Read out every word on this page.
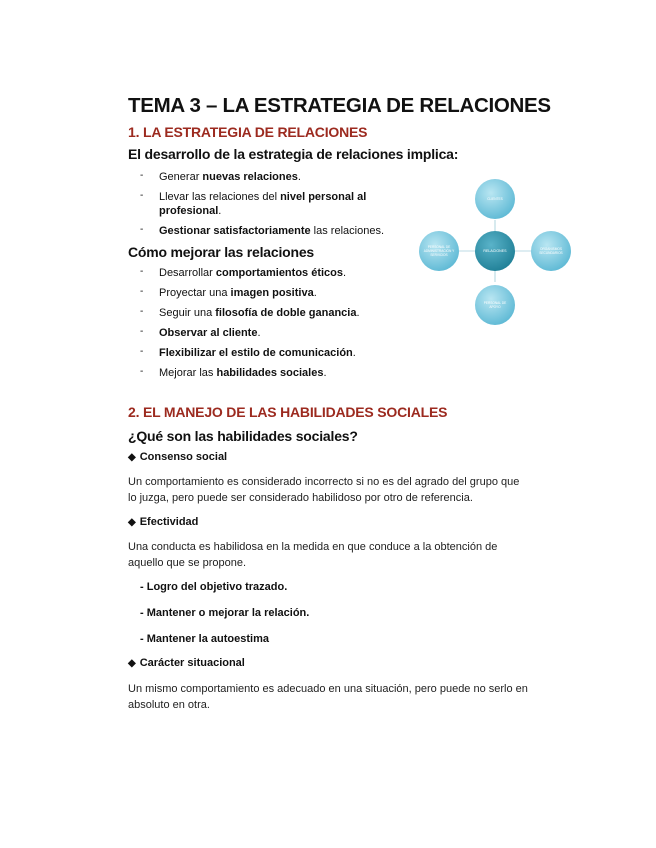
TEMA 3 – LA ESTRATEGIA DE RELACIONES
1. LA ESTRATEGIA DE RELACIONES
El desarrollo de la estrategia de relaciones implica:
- Generar nuevas relaciones.
- Llevar las relaciones del nivel personal al profesional.
- Gestionar satisfactoriamente las relaciones.
Cómo mejorar las relaciones
- Desarrollar comportamientos éticos.
- Proyectar una imagen positiva.
- Seguir una filosofía de doble ganancia.
- Observar al cliente.
- Flexibilizar el estilo de comunicación.
- Mejorar las habilidades sociales.
CLIENTES
PERSONAL DE
ADMINISTRACIÓN Y
SERVICIOS
ORGANISMOS
SECUNDARIOS
PERSONAL DE
APOYO
RELACIONES
2. EL MANEJO DE LAS HABILIDADES SOCIALES
¿Qué son las habilidades sociales?
◆ Consenso social
Un comportamiento es considerado incorrecto si no es del agrado del grupo que lo juzga, pero puede ser considerado habilidoso por otro de referencia.
◆ Efectividad
Una conducta es habilidosa en la medida en que conduce a la obtención de aquello que se propone.
- Logro del objetivo trazado.
- Mantener o mejorar la relación.
- Mantener la autoestima
◆ Carácter situacional
Un mismo comportamiento es adecuado en una situación, pero puede no serlo en absoluto en otra.
